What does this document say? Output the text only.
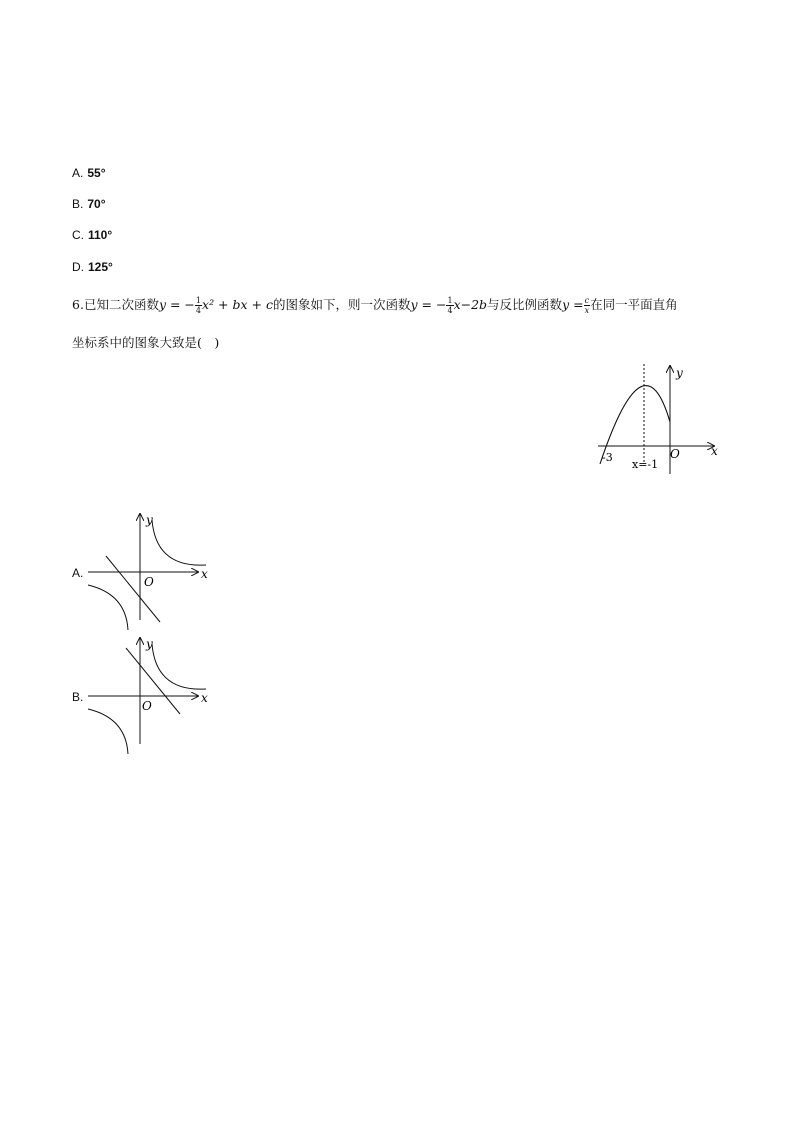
A. 55°
B. 70°
C. 110°
D. 125°
6.已知二次函数y = − $\frac{1}{4} x^2$ + bx + c的图象如下，则一次函数y = − $\frac{1}{4} x-2b$与反比例函数$y = \frac{c}{x}$ 在同一平面直角
坐标系中的图象大致是(　)
y
x
O
-3
x=-1
A.
y
x
O
B.
y
x
O
